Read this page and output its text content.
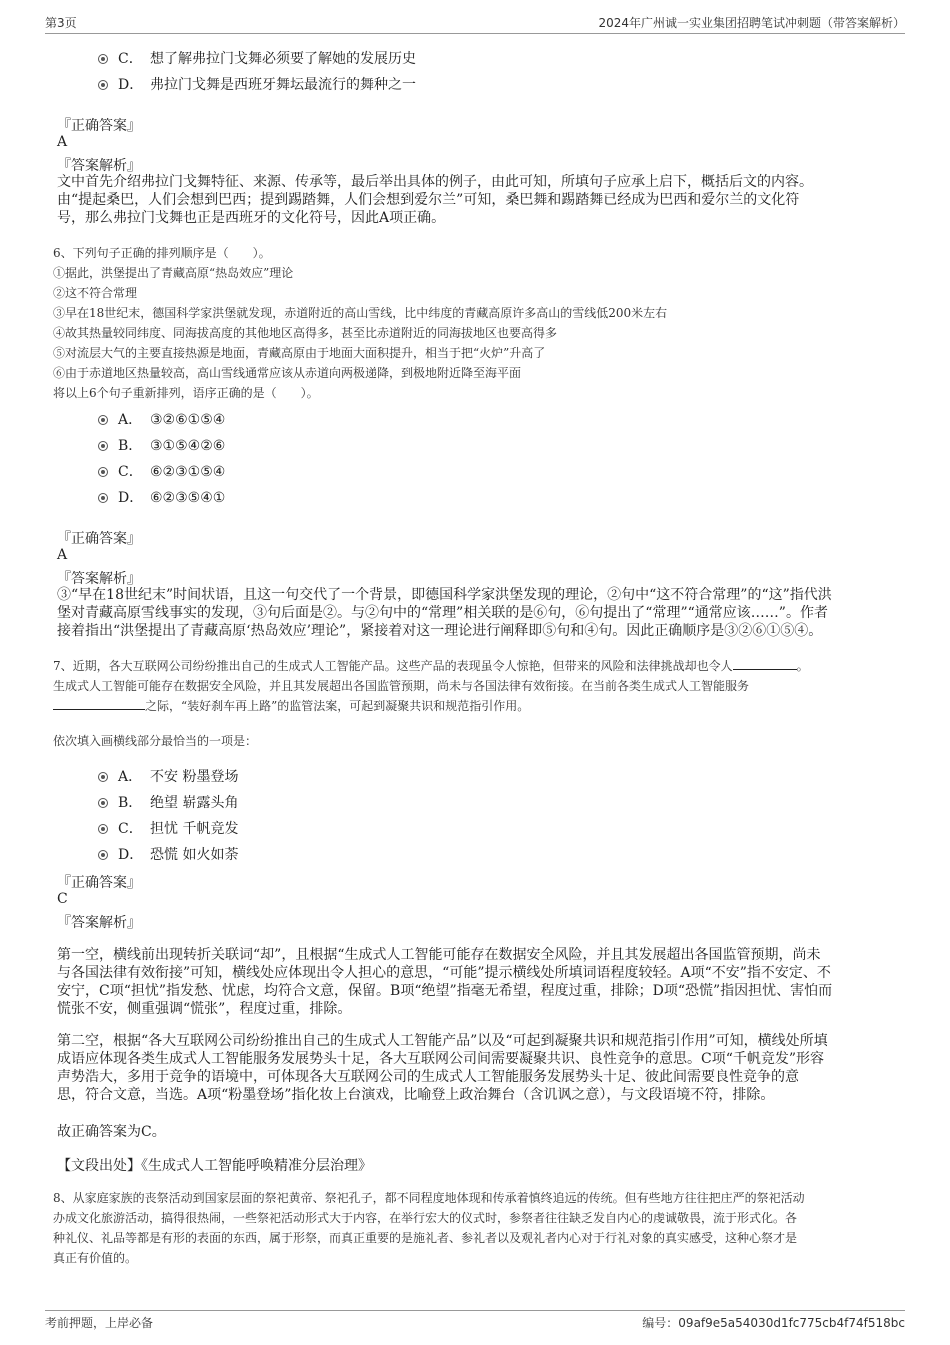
第3页	2024年广州诚一实业集团招聘笔试冲刺题（带答案解析）
C． 想了解弗拉门戈舞必须要了解她的发展历史
D． 弗拉门戈舞是西班牙舞坛最流行的舞种之一
『正确答案』
A
『答案解析』
文中首先介绍弗拉门戈舞特征、来源、传承等，最后举出具体的例子，由此可知，所填句子应承上启下，概括后文的内容。
由“提起桑巴，人们会想到巴西；提到踢踏舞，人们会想到爱尔兰”可知，桑巴舞和踢踏舞已经成为巴西和爱尔兰的文化符
号，那么弗拉门戈舞也正是西班牙的文化符号，因此A项正确。
6、下列句子正确的排列顺序是（　　）。
①据此，洪堡提出了青藏高原“热岛效应”理论
②这不符合常理
③早在18世纪末，德国科学家洪堡就发现，赤道附近的高山雪线，比中纬度的青藏高原许多高山的雪线低200米左右
④故其热量较同纬度、同海拔高度的其他地区高得多，甚至比赤道附近的同海拔地区也要高得多
⑤对流层大气的主要直接热源是地面，青藏高原由于地面大面积提升，相当于把“火炉”升高了
⑥由于赤道地区热量较高，高山雪线通常应该从赤道向两极递降，到极地附近降至海平面
将以上6个句子重新排列，语序正确的是（　　）。
A． ③②⑥①⑤④
B． ③①⑤④②⑥
C． ⑥②③①⑤④
D． ⑥②③⑤④①
『正确答案』
A
『答案解析』
③“早在18世纪末”时间状语，且这一句交代了一个背景，即德国科学家洪堡发现的理论，②句中“这不符合常理”的“这”指代洪
堡对青藏高原雪线事实的发现，③句后面是②。与②句中的“常理”相关联的是⑥句，⑥句提出了“常理”“通常应该……”。作者
接着指出“洪堡提出了青藏高原‘热岛效应’理论”，紧接着对这一理论进行阐释即⑤句和④句。因此正确顺序是③②⑥①⑤④。
7、近期，各大互联网公司纷纷推出自己的生成式人工智能产品。这些产品的表现虽令人惊艳，但带来的风险和法律挑战却也令人	。
生成式人工智能可能存在数据安全风险，并且其发展超出各国监管预期，尚未与各国法律有效衔接。在当前各类生成式人工智能服务
之际，“装好刹车再上路”的监管法案，可起到凝聚共识和规范指引作用。
依次填入画横线部分最恰当的一项是：
A． 不安 粉墨登场
B． 绝望 崭露头角
C． 担忧 千帆竞发
D． 恐慌 如火如荼
『正确答案』
C
『答案解析』
第一空，横线前出现转折关联词“却”，且根据“生成式人工智能可能存在数据安全风险，并且其发展超出各国监管预期，尚未
与各国法律有效衔接”可知，横线处应体现出令人担心的意思，“可能”提示横线处所填词语程度较轻。A项“不安”指不安定、不
安宁，C项“担忧”指发愁、忧虑，均符合文意，保留。B项“绝望”指毫无希望，程度过重，排除；D项“恐慌”指因担忧、害怕而
慌张不安，侧重强调“慌张”，程度过重，排除。
第二空，根据“各大互联网公司纷纷推出自己的生成式人工智能产品”以及“可起到凝聚共识和规范指引作用”可知，横线处所填
成语应体现各类生成式人工智能服务发展势头十足，各大互联网公司间需要凝聚共识、良性竞争的意思。C项“千帆竞发”形容
声势浩大，多用于竞争的语境中，可体现各大互联网公司的生成式人工智能服务发展势头十足、彼此间需要良性竞争的意
思，符合文意，当选。A项“粉墨登场”指化妆上台演戏，比喻登上政治舞台（含讥讽之意），与文段语境不符，排除。
故正确答案为C。
【文段出处】《生成式人工智能呼唤精准分层治理》
8、从家庭家族的丧祭活动到国家层面的祭祀黄帝、祭祀孔子，都不同程度地体现和传承着慎终追远的传统。但有些地方往往把庄严的祭祀活动
办成文化旅游活动，搞得很热闹，一些祭祀活动形式大于内容，在举行宏大的仪式时，参祭者往往缺乏发自内心的虔诚敬畏，流于形式化。各
种礼仪、礼品等都是有形的表面的东西，属于形祭，而真正重要的是施礼者、参礼者以及观礼者内心对于行礼对象的真实感受，这种心祭才是
真正有价值的。
考前押题，上岸必备	编号：09af9e5a54030d1fc775cb4f74f518bc
